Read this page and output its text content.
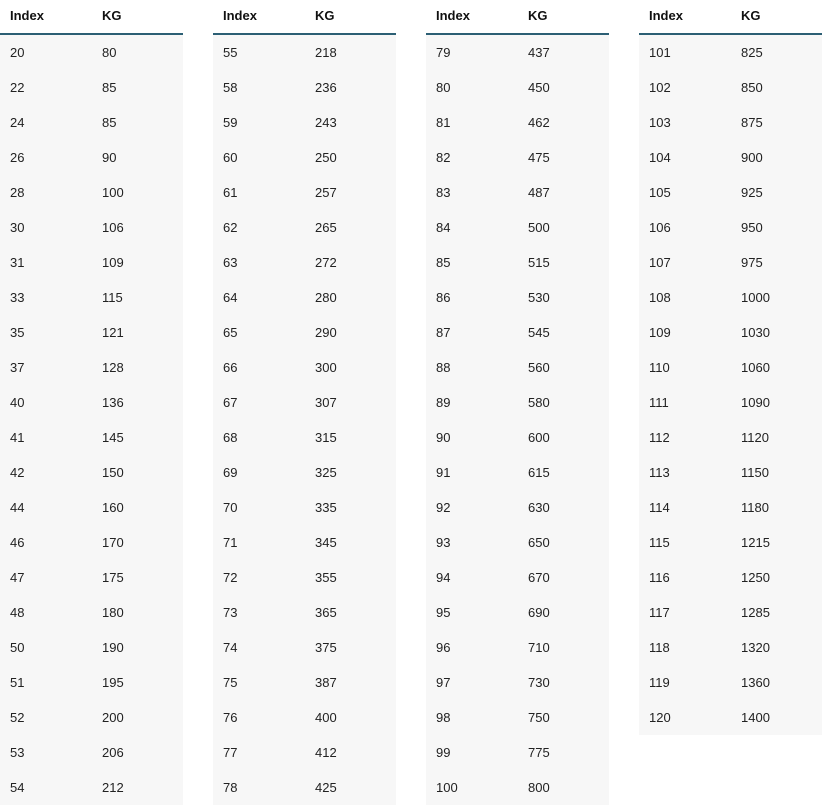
Index	KG
20	80
22	85
24	85
26	90
28	100
30	106
31	109
33	115
35	121
37	128
40	136
41	145
42	150
44	160
46	170
47	175
48	180
50	190
51	195
52	200
53	206
54	212
Index	KG
55	218
58	236
59	243
60	250
61	257
62	265
63	272
64	280
65	290
66	300
67	307
68	315
69	325
70	335
71	345
72	355
73	365
74	375
75	387
76	400
77	412
78	425
Index	KG
79	437
80	450
81	462
82	475
83	487
84	500
85	515
86	530
87	545
88	560
89	580
90	600
91	615
92	630
93	650
94	670
95	690
96	710
97	730
98	750
99	775
100	800
Index	KG
101	825
102	850
103	875
104	900
105	925
106	950
107	975
108	1000
109	1030
110	1060
111	1090
112	1120
113	1150
114	1180
115	1215
116	1250
117	1285
118	1320
119	1360
120	1400
